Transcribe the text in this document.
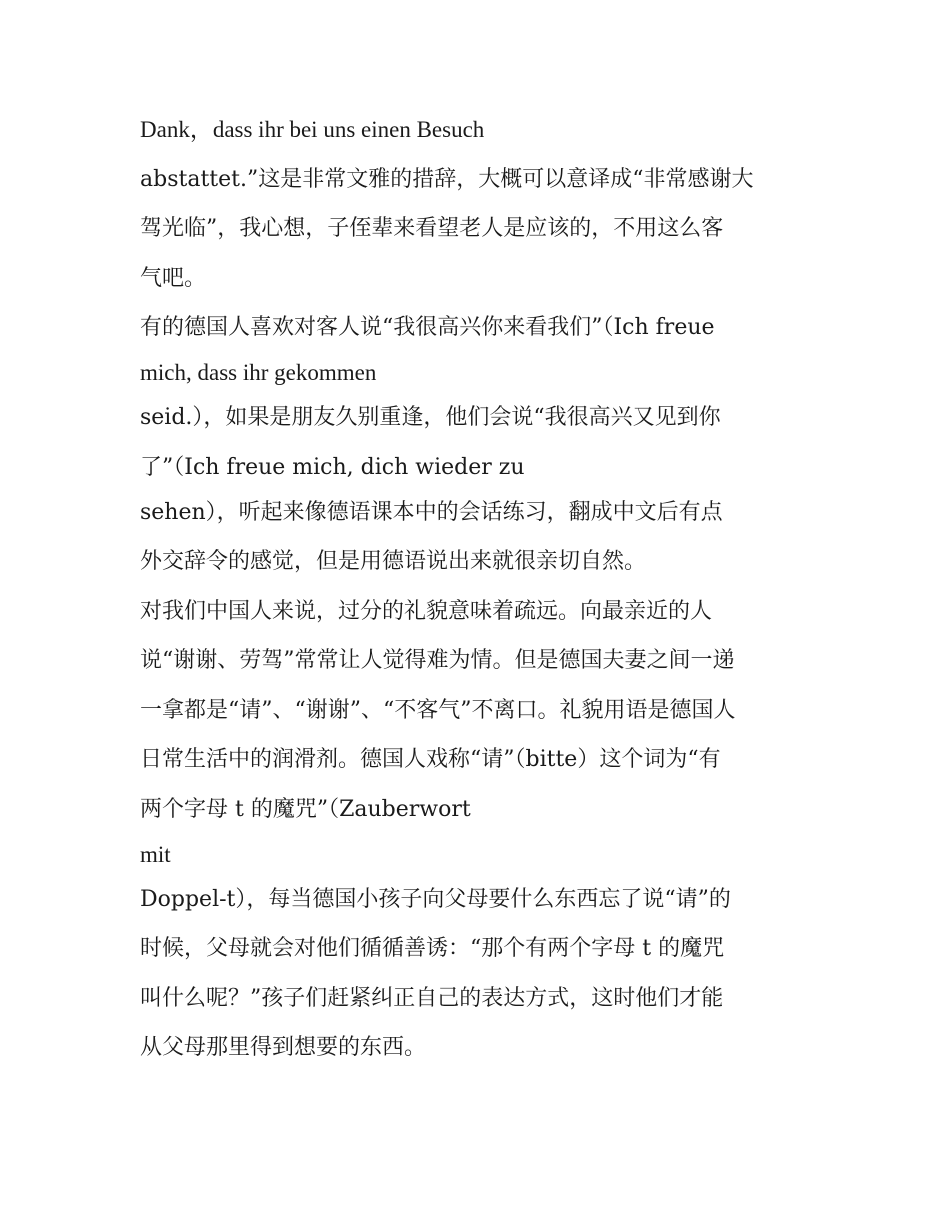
Dank，dass ihr bei uns einen Besuch
abstattet.”这是非常文雅的措辞，大概可以意译成“非常感谢大
驾光临”，我心想，子侄辈来看望老人是应该的，不用这么客
气吧。
有的德国人喜欢对客人说“我很高兴你来看我们”（Ich freue
mich, dass ihr gekommen
seid.），如果是朋友久别重逢，他们会说“我很高兴又见到你
了”（Ich freue mich, dich wieder zu
sehen），听起来像德语课本中的会话练习，翻成中文后有点
外交辞令的感觉，但是用德语说出来就很亲切自然。
对我们中国人来说，过分的礼貌意味着疏远。向最亲近的人
说“谢谢、劳驾”常常让人觉得难为情。但是德国夫妻之间一递
一拿都是“请”、“谢谢”、“不客气”不离口。礼貌用语是德国人
日常生活中的润滑剂。德国人戏称“请”（bitte）这个词为“有
两个字母 t 的魔咒”（Zauberwort
mit
Doppel-t），每当德国小孩子向父母要什么东西忘了说“请”的
时候，父母就会对他们循循善诱：“那个有两个字母 t 的魔咒
叫什么呢？”孩子们赶紧纠正自己的表达方式，这时他们才能
从父母那里得到想要的东西。
